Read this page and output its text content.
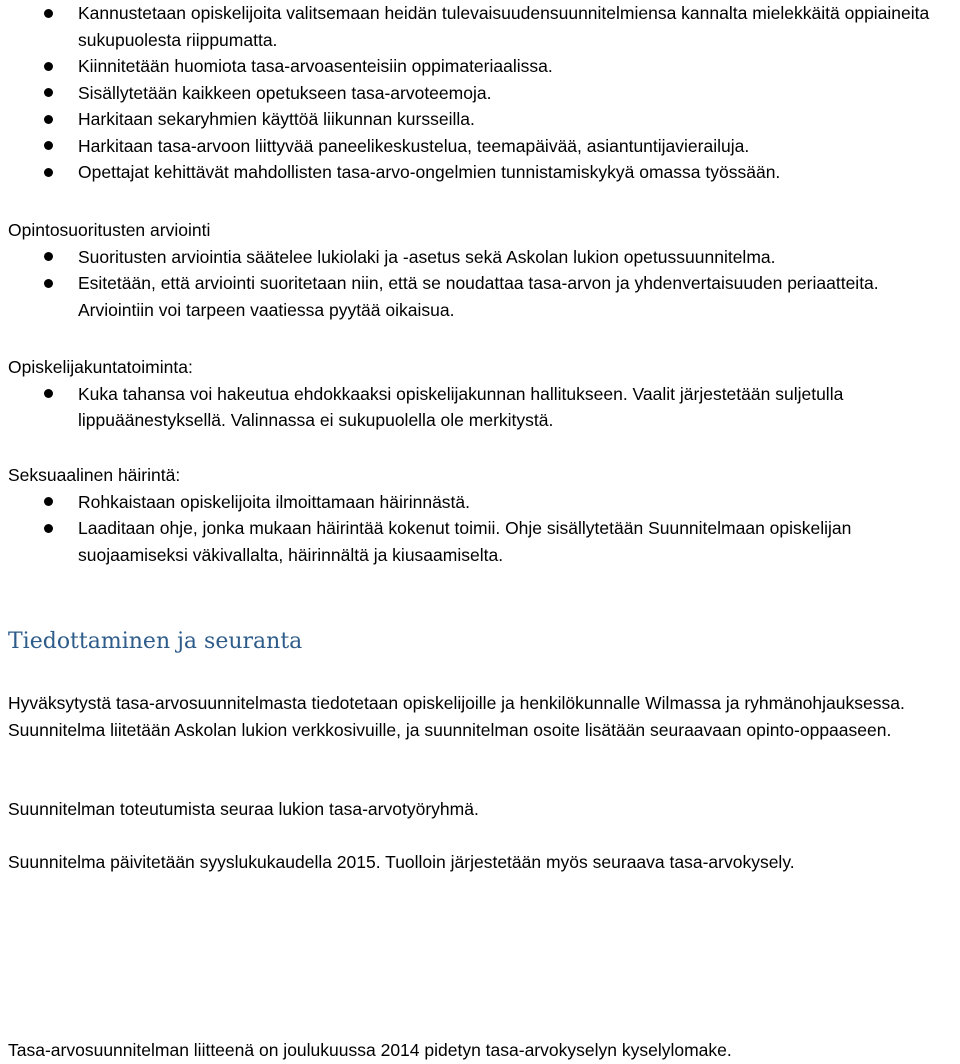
Kannustetaan opiskelijoita valitsemaan heidän tulevaisuudensuunnitelmiensa kannalta mielekkäitä oppiaineita sukupuolesta riippumatta.
Kiinnitetään huomiota tasa-arvoasenteisiin oppimateriaalissa.
Sisällytetään kaikkeen opetukseen tasa-arvoteemoja.
Harkitaan sekaryhmien käyttöä liikunnan kursseilla.
Harkitaan tasa-arvoon liittyvää paneelikeskustelua, teemapäivää, asiantuntijavierailuja.
Opettajat kehittävät mahdollisten tasa-arvo-ongelmien tunnistamiskykyä omassa työssään.
Opintosuoritusten arviointi
Suoritusten arviointia säätelee lukiolaki ja -asetus sekä Askolan lukion opetussuunnitelma.
Esitetään, että arviointi suoritetaan niin, että se noudattaa tasa-arvon ja yhdenvertaisuuden periaatteita. Arviointiin voi tarpeen vaatiessa pyytää oikaisua.
Opiskelijakuntatoiminta:
Kuka tahansa voi hakeutua ehdokkaaksi opiskelijakunnan hallitukseen. Vaalit järjestetään suljetulla lippuäänestyksellä. Valinnassa ei sukupuolella ole merkitystä.
Seksuaalinen häirintä:
Rohkaistaan opiskelijoita ilmoittamaan häirinnästä.
Laaditaan ohje, jonka mukaan häirintää kokenut toimii. Ohje sisällytetään Suunnitelmaan opiskelijan suojaamiseksi väkivallalta, häirinnältä ja kiusaamiselta.
Tiedottaminen ja seuranta
Hyväksytystä tasa-arvosuunnitelmasta tiedotetaan opiskelijoille ja henkilökunnalle Wilmassa ja ryhmänohjauksessa. Suunnitelma liitetään Askolan lukion verkkosivuille, ja suunnitelman osoite lisätään seuraavaan opinto-oppaaseen.
Suunnitelman toteutumista seuraa lukion tasa-arvotyöryhmä.
Suunnitelma päivitetään syyslukukaudella 2015. Tuolloin järjestetään myös seuraava tasa-arvokysely.
Tasa-arvosuunnitelman liitteenä on joulukuussa 2014 pidetyn tasa-arvokyselyn kyselylomake.
